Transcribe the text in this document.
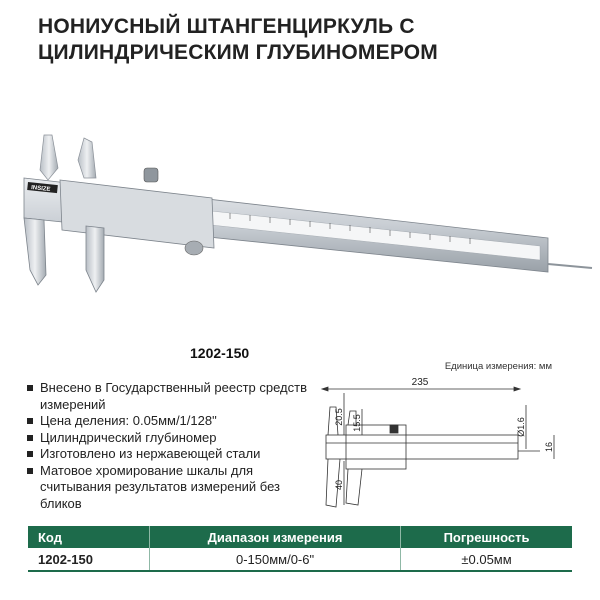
НОНИУСНЫЙ ШТАНГЕНЦИРКУЛЬ С
ЦИЛИНДРИЧЕСКИМ ГЛУБИНОМЕРОМ
INSIZE
1202-150
Единица измерения: мм
Внесено в Государственный реестр средств измерений
Цена деления: 0.05мм/1/128"
Цилиндрический глубиномер
Изготовлено из нержавеющей стали
Матовое хромирование шкалы для считывания результатов измерений без бликов
235
20.5 15.5
40
Ø1.6
16
Код	Диапазон измерения	Погрешность
1202-150	0-150мм/0-6"	±0.05мм
